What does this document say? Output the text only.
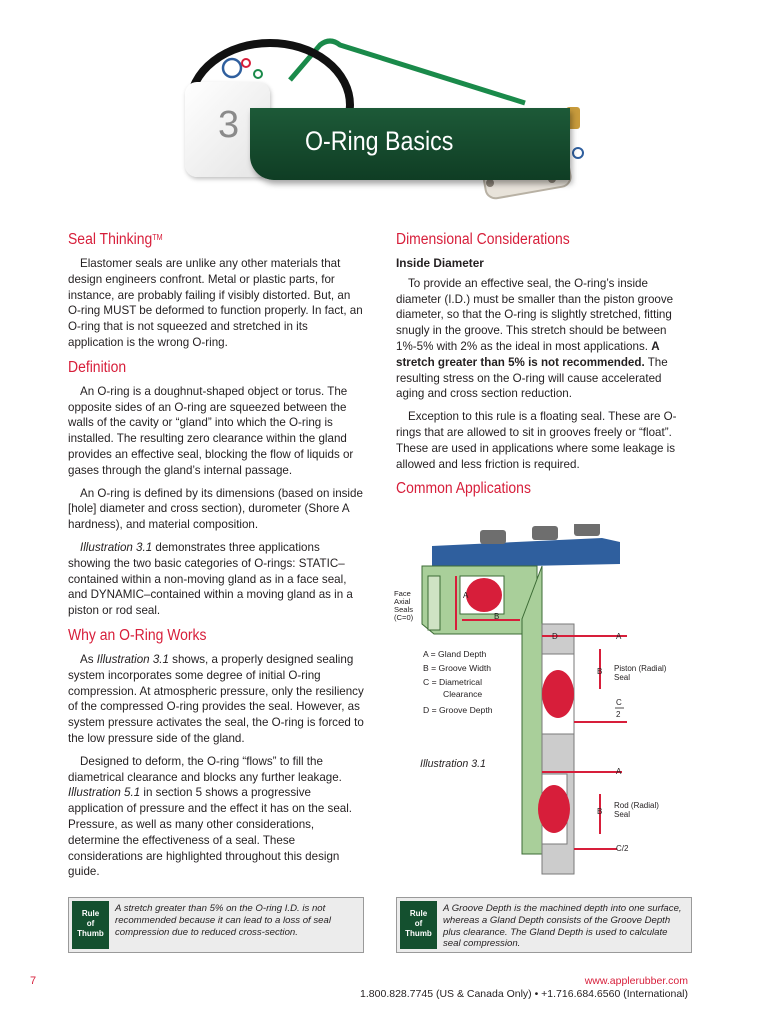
3 O-Ring Basics
Seal Thinking™

Elastomer seals are unlike any other materials that design engineers confront. Metal or plastic parts, for instance, are probably failing if visibly distorted. But, an O-ring MUST be deformed to function properly. In fact, an O-ring that is not squeezed and stretched in its application is the wrong O-ring.

Definition

An O-ring is a doughnut-shaped object or torus. The opposite sides of an O-ring are squeezed between the walls of the cavity or “gland” into which the O-ring is installed. The resulting zero clearance within the gland provides an effective seal, blocking the flow of liquids or gases through the gland’s internal passage.

An O-ring is defined by its dimensions (based on inside [hole] diameter and cross section), durometer (Shore A hardness), and material composition.

Illustration 3.1 demonstrates three applications showing the two basic categories of O-rings: STATIC–contained within a non-moving gland as in a face seal, and DYNAMIC–contained within a moving gland as in a piston or rod seal.

Why an O-Ring Works

As Illustration 3.1 shows, a properly designed sealing system incorporates some degree of initial O-ring compression. At atmospheric pressure, only the resiliency of the compressed O-ring provides the seal. However, as system pressure activates the seal, the O-ring is forced to the low pressure side of the gland.

Designed to deform, the O-ring “flows” to fill the diametrical clearance and blocks any further leakage. Illustration 5.1 in section 5 shows a progressive application of pressure and the effect it has on the seal. Pressure, as well as many other considerations, determine the effectiveness of a seal. These considerations are highlighted throughout this design guide.

Dimensional Considerations
Inside Diameter

To provide an effective seal, the O-ring’s inside diameter (I.D.) must be smaller than the piston groove diameter, so that the O-ring is slightly stretched, fitting snugly in the groove. This stretch should be between 1%-5% with 2% as the ideal in most applications. A stretch greater than 5% is not recommended. The resulting stress on the O-ring will cause accelerated aging and cross section reduction.

Exception to this rule is a floating seal. These are O-rings that are allowed to sit in grooves freely or “float”. These are used in applications where some leakage is allowed and less friction is required.

Common Applications
Face
Axial
Seals
(C=0)
A
B
D
A = Gland Depth
B = Groove Width
C = Diametrical
Clearance
D = Groove Depth
Illustration 3.1
A
B Piston (Radial)
Seal
C
2
A
B
Rod (Radial)
Seal
C/2
Rule
of
Thumb
A stretch greater than 5% on the O-ring I.D. is not recommended because it can lead to a loss of seal compression due to reduced cross-section.
Rule
of
Thumb
A Groove Depth is the machined depth into one surface, whereas a Gland Depth consists of the Groove Depth plus clearance. The Gland Depth is used to calculate seal compression.
7	www.applerubber.com
1.800.828.7745 (US & Canada Only) • +1.716.684.6560 (International)
